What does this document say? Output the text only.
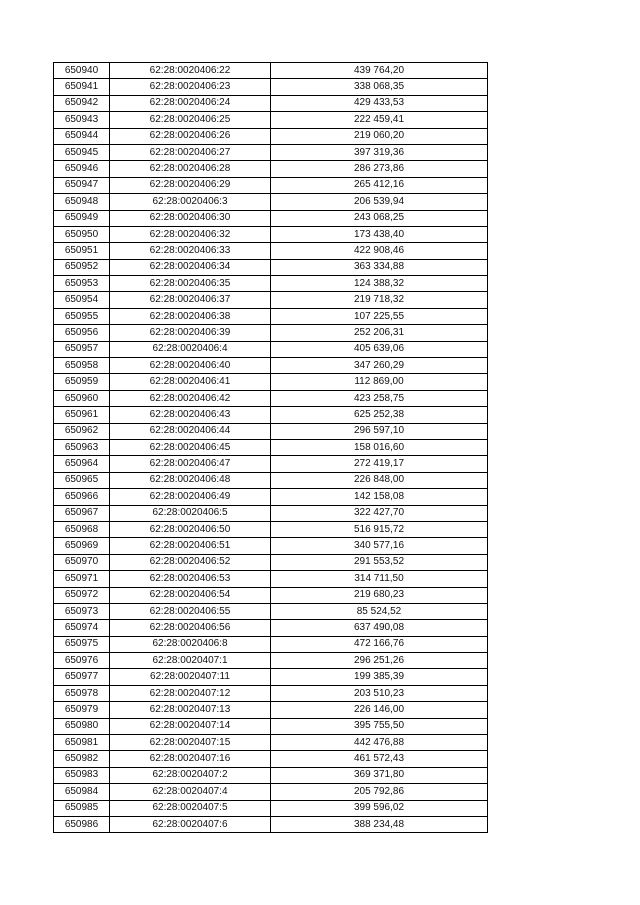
650940	62:28:0020406:22	439 764,20
650941	62:28:0020406:23	338 068,35
650942	62:28:0020406:24	429 433,53
650943	62:28:0020406:25	222 459,41
650944	62:28:0020406:26	219 060,20
650945	62:28:0020406:27	397 319,36
650946	62:28:0020406:28	286 273,86
650947	62:28:0020406:29	265 412,16
650948	62:28:0020406:3	206 539,94
650949	62:28:0020406:30	243 068,25
650950	62:28:0020406:32	173 438,40
650951	62:28:0020406:33	422 908,46
650952	62:28:0020406:34	363 334,88
650953	62:28:0020406:35	124 388,32
650954	62:28:0020406:37	219 718,32
650955	62:28:0020406:38	107 225,55
650956	62:28:0020406:39	252 206,31
650957	62:28:0020406:4	405 639,06
650958	62:28:0020406:40	347 260,29
650959	62:28:0020406:41	112 869,00
650960	62:28:0020406:42	423 258,75
650961	62:28:0020406:43	625 252,38
650962	62:28:0020406:44	296 597,10
650963	62:28:0020406:45	158 016,60
650964	62:28:0020406:47	272 419,17
650965	62:28:0020406:48	226 848,00
650966	62:28:0020406:49	142 158,08
650967	62:28:0020406:5	322 427,70
650968	62:28:0020406:50	516 915,72
650969	62:28:0020406:51	340 577,16
650970	62:28:0020406:52	291 553,52
650971	62:28:0020406:53	314 711,50
650972	62:28:0020406:54	219 680,23
650973	62:28:0020406:55	85 524,52
650974	62:28:0020406:56	637 490,08
650975	62:28:0020406:8	472 166,76
650976	62:28:0020407:1	296 251,26
650977	62:28:0020407:11	199 385,39
650978	62:28:0020407:12	203 510,23
650979	62:28:0020407:13	226 146,00
650980	62:28:0020407:14	395 755,50
650981	62:28:0020407:15	442 476,88
650982	62:28:0020407:16	461 572,43
650983	62:28:0020407:2	369 371,80
650984	62:28:0020407:4	205 792,86
650985	62:28:0020407:5	399 596,02
650986	62:28:0020407:6	388 234,48
